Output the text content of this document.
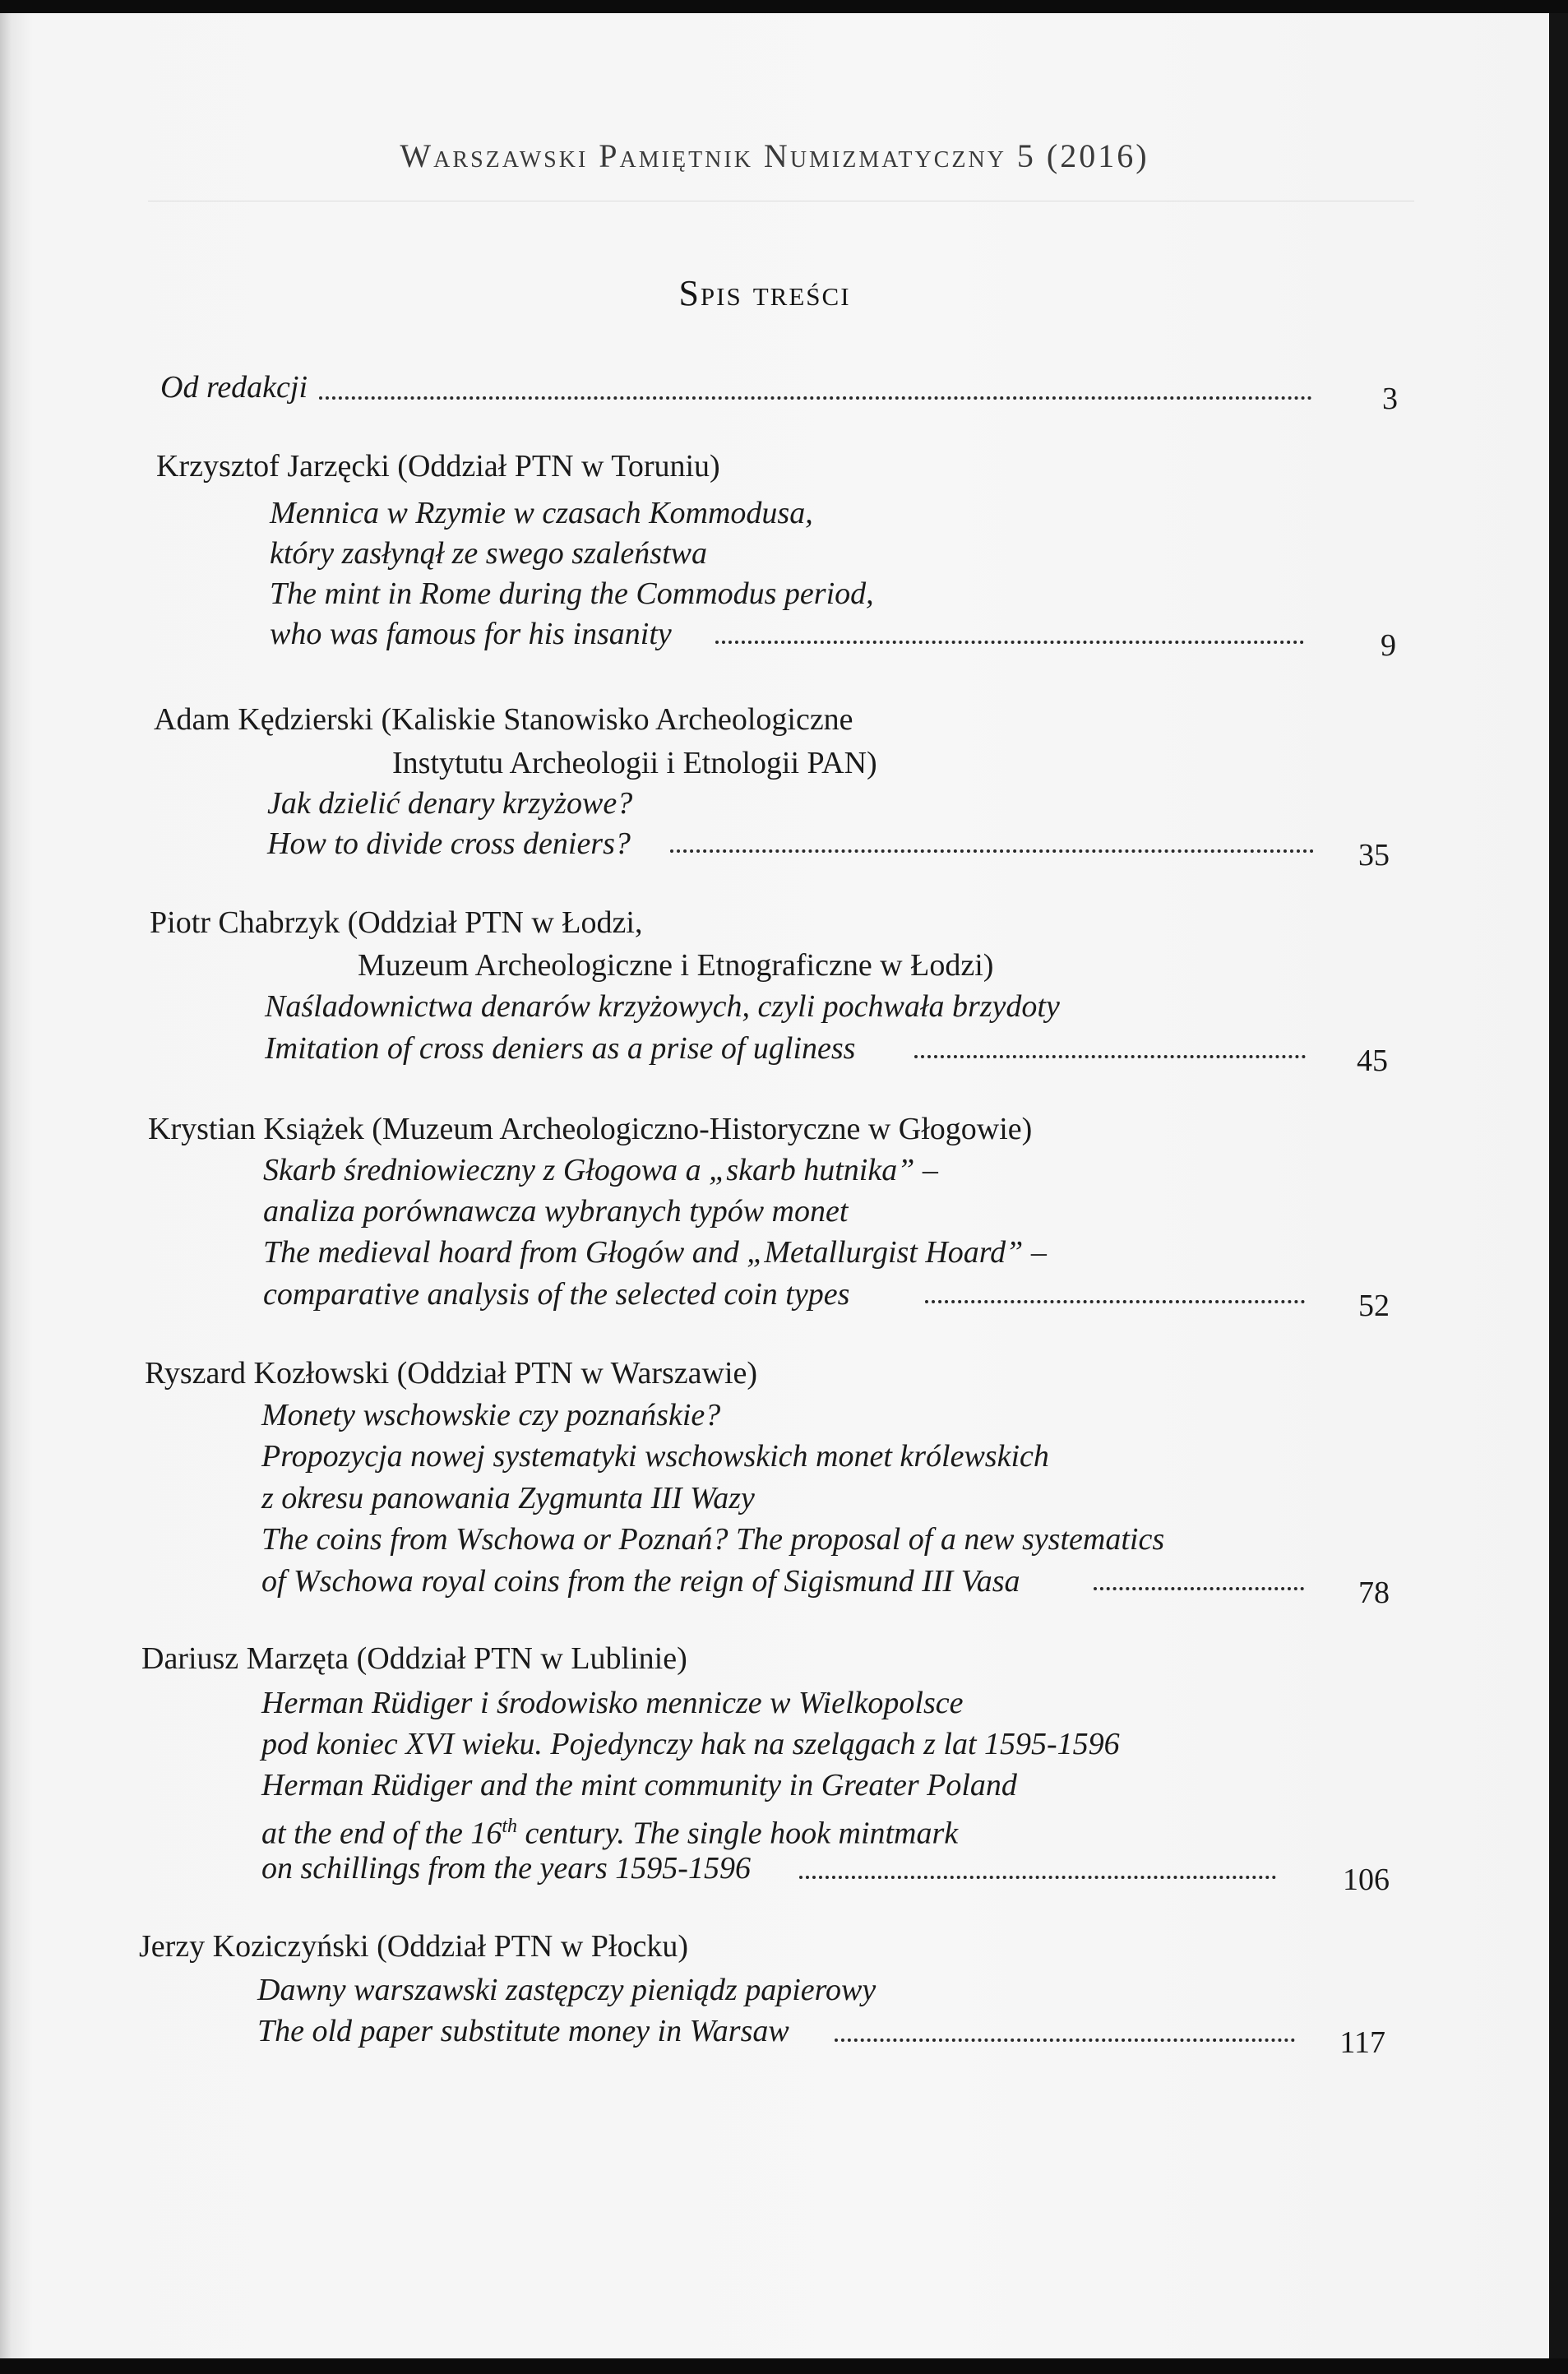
Warszawski Pamiętnik Numizmatyczny 5 (2016)
Spis treści
Od redakcji	3
Krzysztof Jarzęcki (Oddział PTN w Toruniu)
Mennica w Rzymie w czasach Kommodusa,
który zasłynął ze swego szaleństwa
The mint in Rome during the Commodus period,
who was famous for his insanity	9
Adam Kędzierski (Kaliskie Stanowisko Archeologiczne
Instytutu Archeologii i Etnologii PAN)
Jak dzielić denary krzyżowe?
How to divide cross deniers?	35
Piotr Chabrzyk (Oddział PTN w Łodzi,
Muzeum Archeologiczne i Etnograficzne w Łodzi)
Naśladownictwa denarów krzyżowych, czyli pochwała brzydoty
Imitation of cross deniers as a prise of ugliness	45
Krystian Książek (Muzeum Archeologiczno-Historyczne w Głogowie)
Skarb średniowieczny z Głogowa a „skarb hutnika” –
analiza porównawcza wybranych typów monet
The medieval hoard from Głogów and „Metallurgist Hoard” –
comparative analysis of the selected coin types	52
Ryszard Kozłowski (Oddział PTN w Warszawie)
Monety wschowskie czy poznańskie?
Propozycja nowej systematyki wschowskich monet królewskich
z okresu panowania Zygmunta III Wazy
The coins from Wschowa or Poznań? The proposal of a new systematics
of Wschowa royal coins from the reign of Sigismund III Vasa	78
Dariusz Marzęta (Oddział PTN w Lublinie)
Herman Rüdiger i środowisko mennicze w Wielkopolsce
pod koniec XVI wieku. Pojedynczy hak na szelągach z lat 1595-1596
Herman Rüdiger and the mint community in Greater Poland
at the end of the 16th century. The single hook mintmark
on schillings from the years 1595-1596	106
Jerzy Koziczyński (Oddział PTN w Płocku)
Dawny warszawski zastępczy pieniądz papierowy
The old paper substitute money in Warsaw	117
